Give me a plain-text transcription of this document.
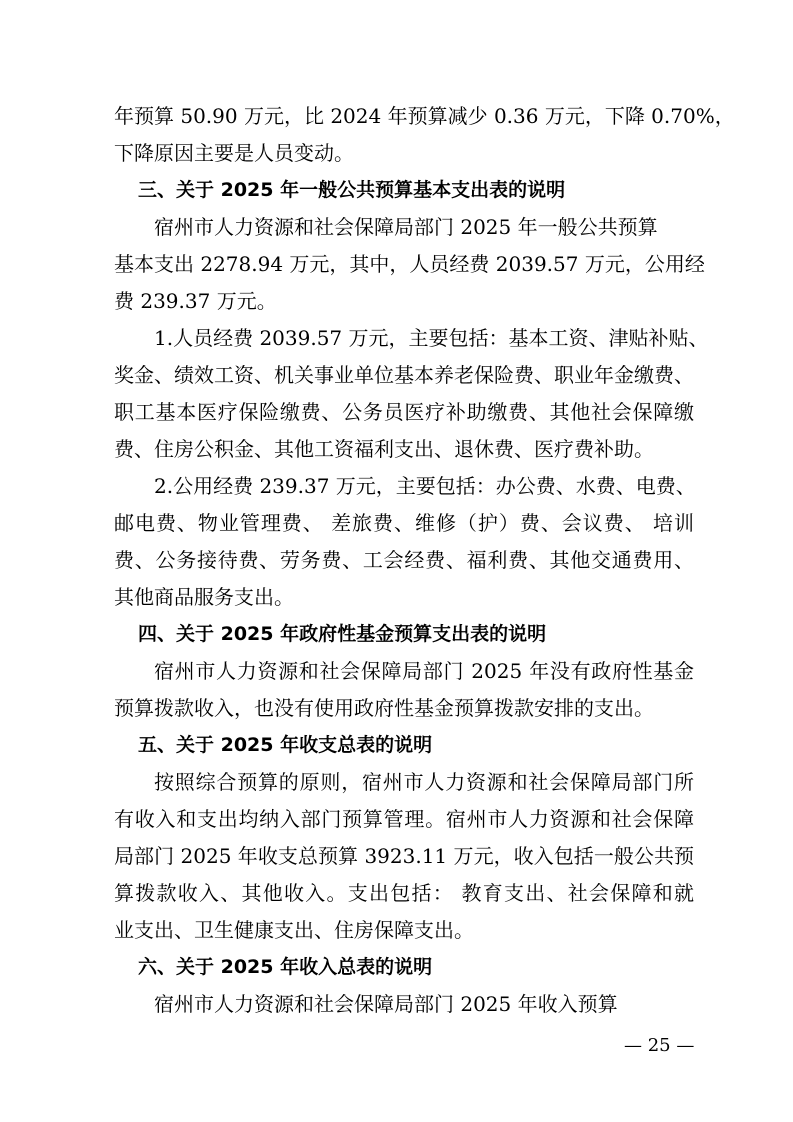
年预算 50.90 万元，比 2024 年预算减少 0.36 万元，下降 0.70%，
下降原因主要是人员变动。
三、关于 2025 年一般公共预算基本支出表的说明
宿州市人力资源和社会保障局部门 2025 年一般公共预算
基本支出 2278.94 万元，其中，人员经费 2039.57 万元，公用经
费 239.37 万元。
1.人员经费 2039.57 万元，主要包括：基本工资、津贴补贴、
奖金、绩效工资、机关事业单位基本养老保险费、职业年金缴费、
职工基本医疗保险缴费、公务员医疗补助缴费、其他社会保障缴
费、住房公积金、其他工资福利支出、退休费、医疗费补助。
2.公用经费 239.37 万元，主要包括：办公费、水费、电费、
邮电费、物业管理费、 差旅费、维修（护）费、会议费、 培训
费、公务接待费、劳务费、工会经费、福利费、其他交通费用、
其他商品服务支出。
四、关于 2025 年政府性基金预算支出表的说明
宿州市人力资源和社会保障局部门 2025 年没有政府性基金
预算拨款收入，也没有使用政府性基金预算拨款安排的支出。
五、关于 2025 年收支总表的说明
按照综合预算的原则，宿州市人力资源和社会保障局部门所
有收入和支出均纳入部门预算管理。宿州市人力资源和社会保障
局部门 2025 年收支总预算 3923.11 万元，收入包括一般公共预
算拨款收入、其他收入。支出包括： 教育支出、社会保障和就
业支出、卫生健康支出、住房保障支出。
六、关于 2025 年收入总表的说明
宿州市人力资源和社会保障局部门 2025 年收入预算
— 25 —
